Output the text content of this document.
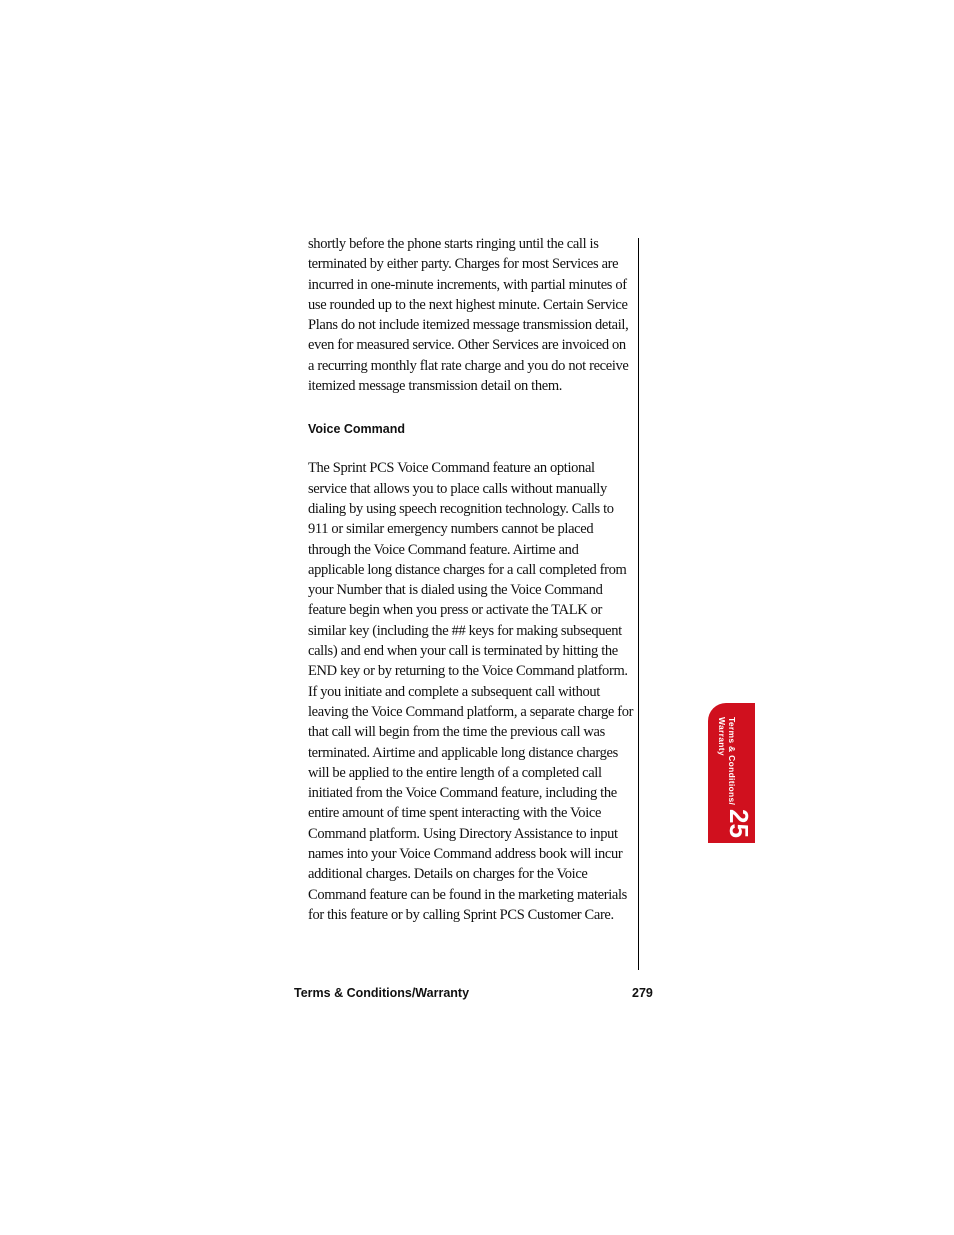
shortly before the phone starts ringing until the call is terminated by either party. Charges for most Services are incurred in one-minute increments, with partial minutes of use rounded up to the next highest minute. Certain Service Plans do not include itemized message transmission detail, even for measured service. Other Services are invoiced on a recurring monthly flat rate charge and you do not receive itemized message transmission detail on them.

Voice Command

The Sprint PCS Voice Command feature an optional service that allows you to place calls without manually dialing by using speech recognition technology. Calls to 911 or similar emergency numbers cannot be placed through the Voice Command feature. Airtime and applicable long distance charges for a call completed from your Number that is dialed using the Voice Command feature begin when you press or activate the TALK or similar key (including the ## keys for making subsequent calls) and end when your call is terminated by hitting the END key or by returning to the Voice Command platform. If you initiate and complete a subsequent call without leaving the Voice Command platform, a separate charge for that call will begin from the time the previous call was terminated. Airtime and applicable long distance charges will be applied to the entire length of a completed call initiated from the Voice Command feature, including the entire amount of time spent interacting with the Voice Command platform. Using Directory Assistance to input names into your Voice Command address book will incur additional charges. Details on charges for the Voice Command feature can be found in the marketing materials for this feature or by calling Sprint PCS Customer Care.

Terms & Conditions/
Warranty
25
Terms & Conditions/Warranty	279
